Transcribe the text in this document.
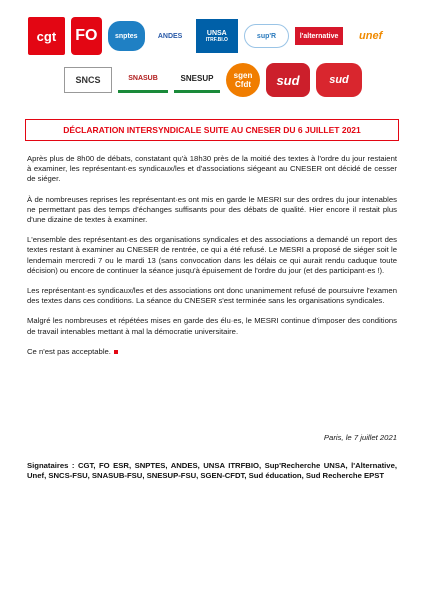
cgt FO	snptes	ANDES	UNSA
ITRF.BI.O	sup'R	l'alternative unef
SNCS	SNASUB	SNESUP	sgen
Cfdt sud	sud
DÉCLARATION INTERSYNDICALE SUITE AU CNESER DU 6 JUILLET 2021

Après plus de 8h00 de débats, constatant qu'à 18h30 près de la moitié des textes à l'ordre du jour restaient à examiner, les représentant·es syndicaux/les et d'associations siégeant au CNESER ont décidé de cesser de siéger.

À de nombreuses reprises les représentant·es ont mis en garde le MESRI sur des ordres du jour intenables ne permettant pas des temps d'échanges suffisants pour des débats de qualité. Hier encore il restait plus d'une dizaine de textes à examiner.

L'ensemble des représentant·es des organisations syndicales et des associations a demandé un report des textes restant à examiner au CNESER de rentrée, ce qui a été refusé. Le MESRI a proposé de siéger soit le lendemain mercredi 7 ou le mardi 13 (sans convocation dans les délais ce qui aurait rendu caduque toute décision) ou encore de continuer la séance jusqu'à épuisement de l'ordre du jour (et des participant·es !).

Les représentant·es syndicaux/les et des associations ont donc unanimement refusé de poursuivre l'examen des textes dans ces conditions. La séance du CNESER s'est terminée sans les organisations syndicales.

Malgré les nombreuses et répétées mises en garde des élu·es, le MESRI continue d'imposer des conditions de travail intenables mettant à mal la démocratie universitaire.

Ce n'est pas acceptable.

Paris, le 7 juillet 2021
Signataires : CGT, FO ESR, SNPTES, ANDES, UNSA ITRFBIO, Sup'Recherche UNSA, l'Alternative, Unef, SNCS-FSU, SNASUB-FSU, SNESUP-FSU, SGEN-CFDT, Sud éducation, Sud Recherche EPST
